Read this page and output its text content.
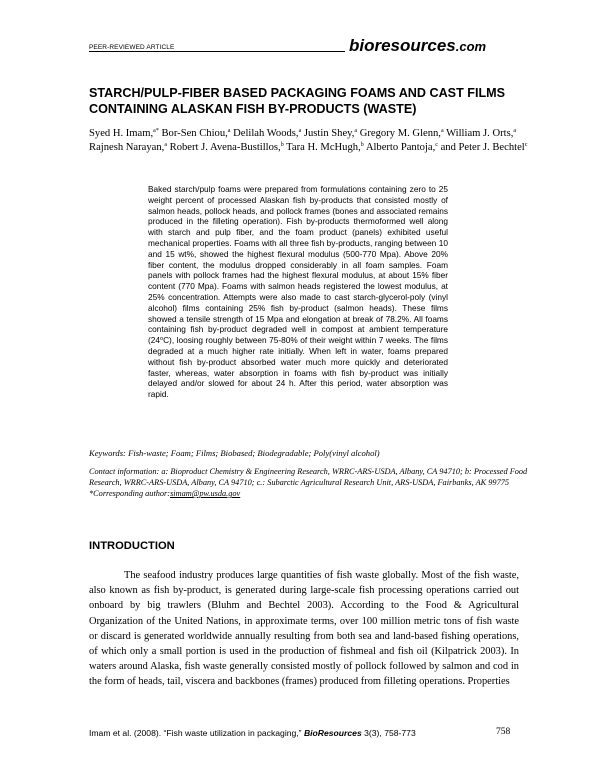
PEER-REVIEWED ARTICLE	bioresources.com
STARCH/PULP-FIBER BASED PACKAGING FOAMS AND CAST FILMS CONTAINING ALASKAN FISH BY-PRODUCTS (WASTE)
Syed H. Imam,$^{a*}$ Bor-Sen Chiou,$^a$ Delilah Woods,$^a$ Justin Shey,$^a$ Gregory M. Glenn,$^a$ William J. Orts,$^a$ Rajnesh Narayan,$^a$ Robert J. Avena-Bustillos,$^b$ Tara H. McHugh,$^b$ Alberto Pantoja,$^c$ and Peter J. Bechtel$^c$
Baked starch/pulp foams were prepared from formulations containing zero to 25 weight percent of processed Alaskan fish by-products that consisted mostly of salmon heads, pollock heads, and pollock frames (bones and associated remains produced in the filleting operation). Fish by-products thermoformed well along with starch and pulp fiber, and the foam product (panels) exhibited useful mechanical properties. Foams with all three fish by-products, ranging between 10 and 15 wt%, showed the highest flexural modulus (500-770 Mpa). Above 20% fiber content, the modulus dropped considerably in all foam samples. Foam panels with pollock frames had the highest flexural modulus, at about 15% fiber content (770 Mpa). Foams with salmon heads registered the lowest modulus, at 25% concentration. Attempts were also made to cast starch-glycerol-poly (vinyl alcohol) films containing 25% fish by-product (salmon heads). These films showed a tensile strength of 15 Mpa and elongation at break of 78.2%. All foams containing fish by-product degraded well in compost at ambient temperature (24$^o$C), loosing roughly between 75-80% of their weight within 7 weeks. The films degraded at a much higher rate initially. When left in water, foams prepared without fish by-product absorbed water much more quickly and deteriorated faster, whereas, water absorption in foams with fish by-product was initially delayed and/or slowed for about 24 h. After this period, water absorption was rapid.
Keywords: Fish-waste; Foam; Films; Biobased; Biodegradable; Poly(vinyl alcohol)
Contact information: a: Bioproduct Chemistry & Engineering Research, WRRC-ARS-USDA, Albany, CA 94710; b: Processed Food Research, WRRC-ARS-USDA, Albany, CA 94710; c.: Subarctic Agricultural Research Unit, ARS-USDA, Fairbanks, AK 99775
*Corresponding author:simam@pw.usda.gov
INTRODUCTION
The seafood industry produces large quantities of fish waste globally. Most of the fish waste, also known as fish by-product, is generated during large-scale fish processing operations carried out onboard by big trawlers (Bluhm and Bechtel 2003). According to the Food & Agricultural Organization of the United Nations, in approximate terms, over 100 million metric tons of fish waste or discard is generated worldwide annually resulting from both sea and land-based fishing operations, of which only a small portion is used in the production of fishmeal and fish oil (Kilpatrick 2003). In waters around Alaska, fish waste generally consisted mostly of pollock followed by salmon and cod in the form of heads, tail, viscera and backbones (frames) produced from filleting operations. Properties
Imam et al. (2008). “Fish waste utilization in packaging,” BioResources 3(3), 758-773	758
